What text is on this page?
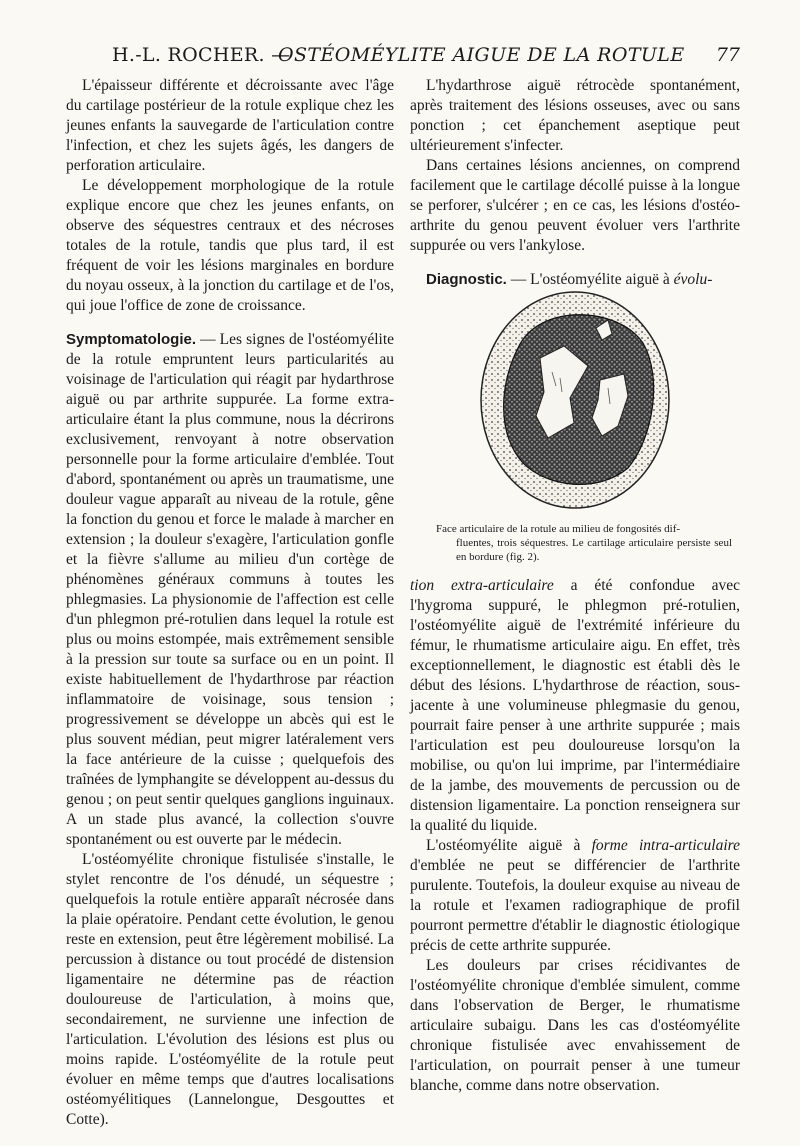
H.-L. ROCHER. —
OSTÉOMÉYLITE AIGUE DE LA ROTULE 77

L'épaisseur différente et décroissante avec l'âge du cartilage postérieur de la rotule explique chez les jeunes enfants la sauvegarde de l'articulation contre l'infection, et chez les sujets âgés, les dangers de perforation articulaire.

Le développement morphologique de la rotule explique encore que chez les jeunes enfants, on observe des séquestres centraux et des nécroses totales de la rotule, tandis que plus tard, il est fréquent de voir les lésions marginales en bordure du noyau osseux, à la jonction du cartilage et de l'os, qui joue l'office de zone de croissance.

Symptomatologie. — Les signes de l'ostéomyélite de la rotule empruntent leurs particularités au voisinage de l'articulation qui réagit par hydarthrose aiguë ou par arthrite suppurée. La forme extra-articulaire étant la plus commune, nous la décrirons exclusivement, renvoyant à notre observation personnelle pour la forme articulaire d'emblée. Tout d'abord, spontanément ou après un traumatisme, une douleur vague apparaît au niveau de la rotule, gêne la fonction du genou et force le malade à marcher en extension ; la douleur s'exagère, l'articulation gonfle et la fièvre s'allume au milieu d'un cortège de phénomènes généraux communs à toutes les phlegmasies. La physionomie de l'affection est celle d'un phlegmon pré-rotulien dans lequel la rotule est plus ou moins estompée, mais extrêmement sensible à la pression sur toute sa surface ou en un point. Il existe habituellement de l'hydarthrose par réaction inflammatoire de voisinage, sous tension ; progressivement se développe un abcès qui est le plus souvent médian, peut migrer latéralement vers la face antérieure de la cuisse ; quelquefois des traînées de lymphangite se développent au-dessus du genou ; on peut sentir quelques ganglions inguinaux. A un stade plus avancé, la collection s'ouvre spontanément ou est ouverte par le médecin.

L'ostéomyélite chronique fistulisée s'installe, le stylet rencontre de l'os dénudé, un séquestre ; quelquefois la rotule entière apparaît nécrosée dans la plaie opératoire. Pendant cette évolution, le genou reste en extension, peut être légèrement mobilisé. La percussion à distance ou tout procédé de distension ligamentaire ne détermine pas de réaction douloureuse de l'articulation, à moins que, secondairement, ne survienne une infection de l'articulation. L'évolution des lésions est plus ou moins rapide. L'ostéomyélite de la rotule peut évoluer en même temps que d'autres localisations ostéomyélitiques (Lannelongue, Desgouttes et Cotte).

L'hydarthrose aiguë rétrocède spontanément, après traitement des lésions osseuses, avec ou sans ponction ; cet épanchement aseptique peut ultérieurement s'infecter.

Dans certaines lésions anciennes, on comprend facilement que le cartilage décollé puisse à la longue se perforer, s'ulcérer ; en ce cas, les lésions d'ostéo-arthrite du genou peuvent évoluer vers l'arthrite suppurée ou vers l'ankylose.

Diagnostic. — L'ostéomyélite aiguë à évolu-

Face articulaire de la rotule au milieu de fongosités dif-
fluentes, trois séquestres. Le cartilage articulaire persiste seul en bordure (fig. 2).

tion extra-articulaire a été confondue avec l'hygroma suppuré, le phlegmon pré-rotulien, l'ostéomyélite aiguë de l'extrémité inférieure du fémur, le rhumatisme articulaire aigu. En effet, très exceptionnellement, le diagnostic est établi dès le début des lésions. L'hydarthrose de réaction, sous-jacente à une volumineuse phlegmasie du genou, pourrait faire penser à une arthrite suppurée ; mais l'articulation est peu douloureuse lorsqu'on la mobilise, ou qu'on lui imprime, par l'intermédiaire de la jambe, des mouvements de percussion ou de distension ligamentaire. La ponction renseignera sur la qualité du liquide.

L'ostéomyélite aiguë à forme intra-articulaire d'emblée ne peut se différencier de l'arthrite purulente. Toutefois, la douleur exquise au niveau de la rotule et l'examen radiographique de profil pourront permettre d'établir le diagnostic étiologique précis de cette arthrite suppurée.

Les douleurs par crises récidivantes de l'ostéomyélite chronique d'emblée simulent, comme dans l'observation de Berger, le rhumatisme articulaire subaigu. Dans les cas d'ostéomyélite chronique fistulisée avec envahissement de l'articulation, on pourrait penser à une tumeur blanche, comme dans notre observation.
